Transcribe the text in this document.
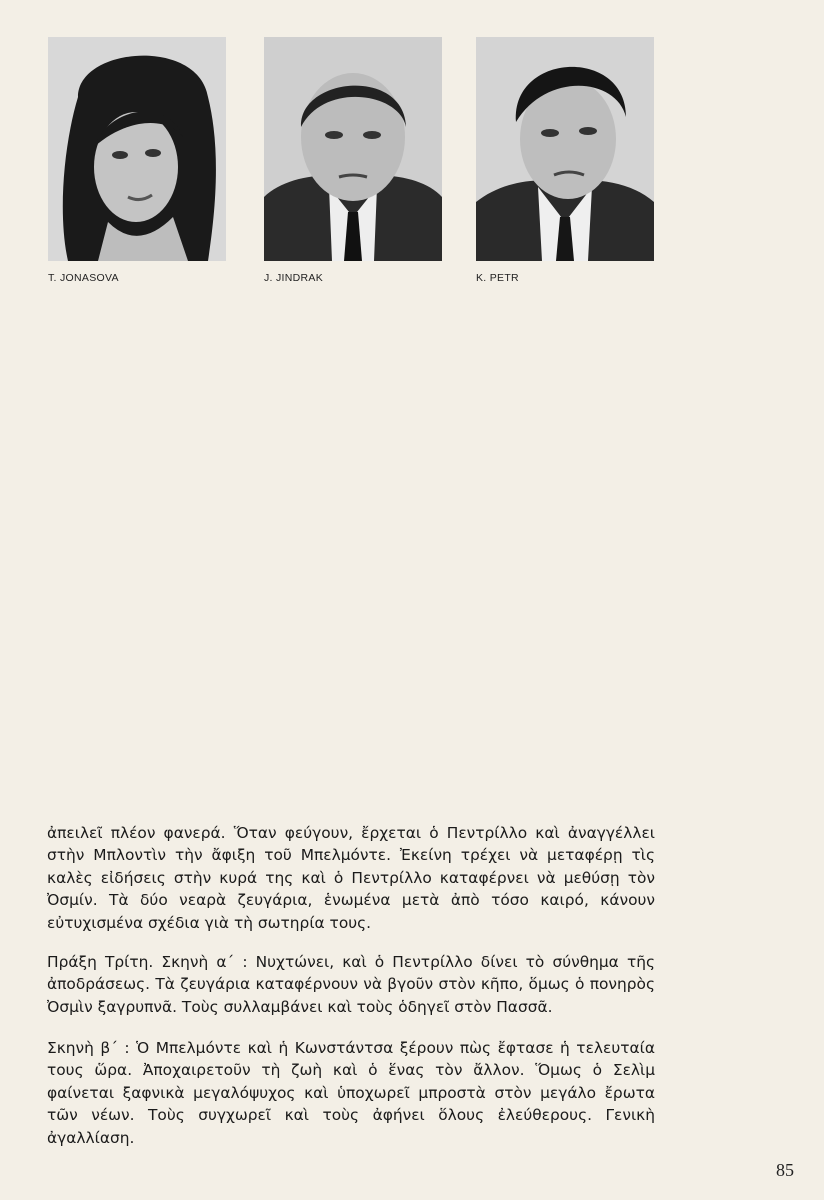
T. JONASOVA	J. JINDRAK	K. PETR

ἀπειλεῖ πλέον φανερά. Ὅταν φεύγουν, ἔρχεται ὁ Πεντρίλλο καὶ ἀναγγέλλει στὴν Μπλοντὶν τὴν ἄφιξη τοῦ Μπελμόντε. Ἐκείνη τρέχει νὰ μεταφέρῃ τὶς καλὲς εἰδήσεις στὴν κυρά της καὶ ὁ Πεντρίλλο καταφέρνει νὰ μεθύσῃ τὸν Ὀσμίν. Τὰ δύο νεαρὰ ζευγάρια, ἑνωμένα μετὰ ἀπὸ τόσο καιρό, κάνουν εὐτυχισμένα σχέδια γιὰ τὴ σωτηρία τους.

Πράξη Τρίτη. Σκηνὴ α΄ : Νυχτώνει, καὶ ὁ Πεντρίλλο δίνει τὸ σύνθημα τῆς ἀποδράσεως. Τὰ ζευγάρια καταφέρνουν νὰ βγοῦν στὸν κῆπο, ὅμως ὁ πονηρὸς Ὀσμὶν ξαγρυπνᾶ. Τοὺς συλλαμβάνει καὶ τοὺς ὁδηγεῖ στὸν Πασσᾶ.

Σκηνὴ β΄ : Ὁ Μπελμόντε καὶ ἡ Κωνστάντσα ξέρουν πὼς ἔφτασε ἡ τελευταία τους ὥρα. Ἀποχαιρετοῦν τὴ ζωὴ καὶ ὁ ἕνας τὸν ἄλλον. Ὅμως ὁ Σελὶμ φαίνεται ξαφνικὰ μεγαλόψυχος καὶ ὑποχωρεῖ μπροστὰ στὸν μεγάλο ἔρωτα τῶν νέων. Τοὺς συγχωρεῖ καὶ τοὺς ἀφήνει ὅλους ἐλεύθερους. Γενικὴ ἀγαλλίαση.

85
